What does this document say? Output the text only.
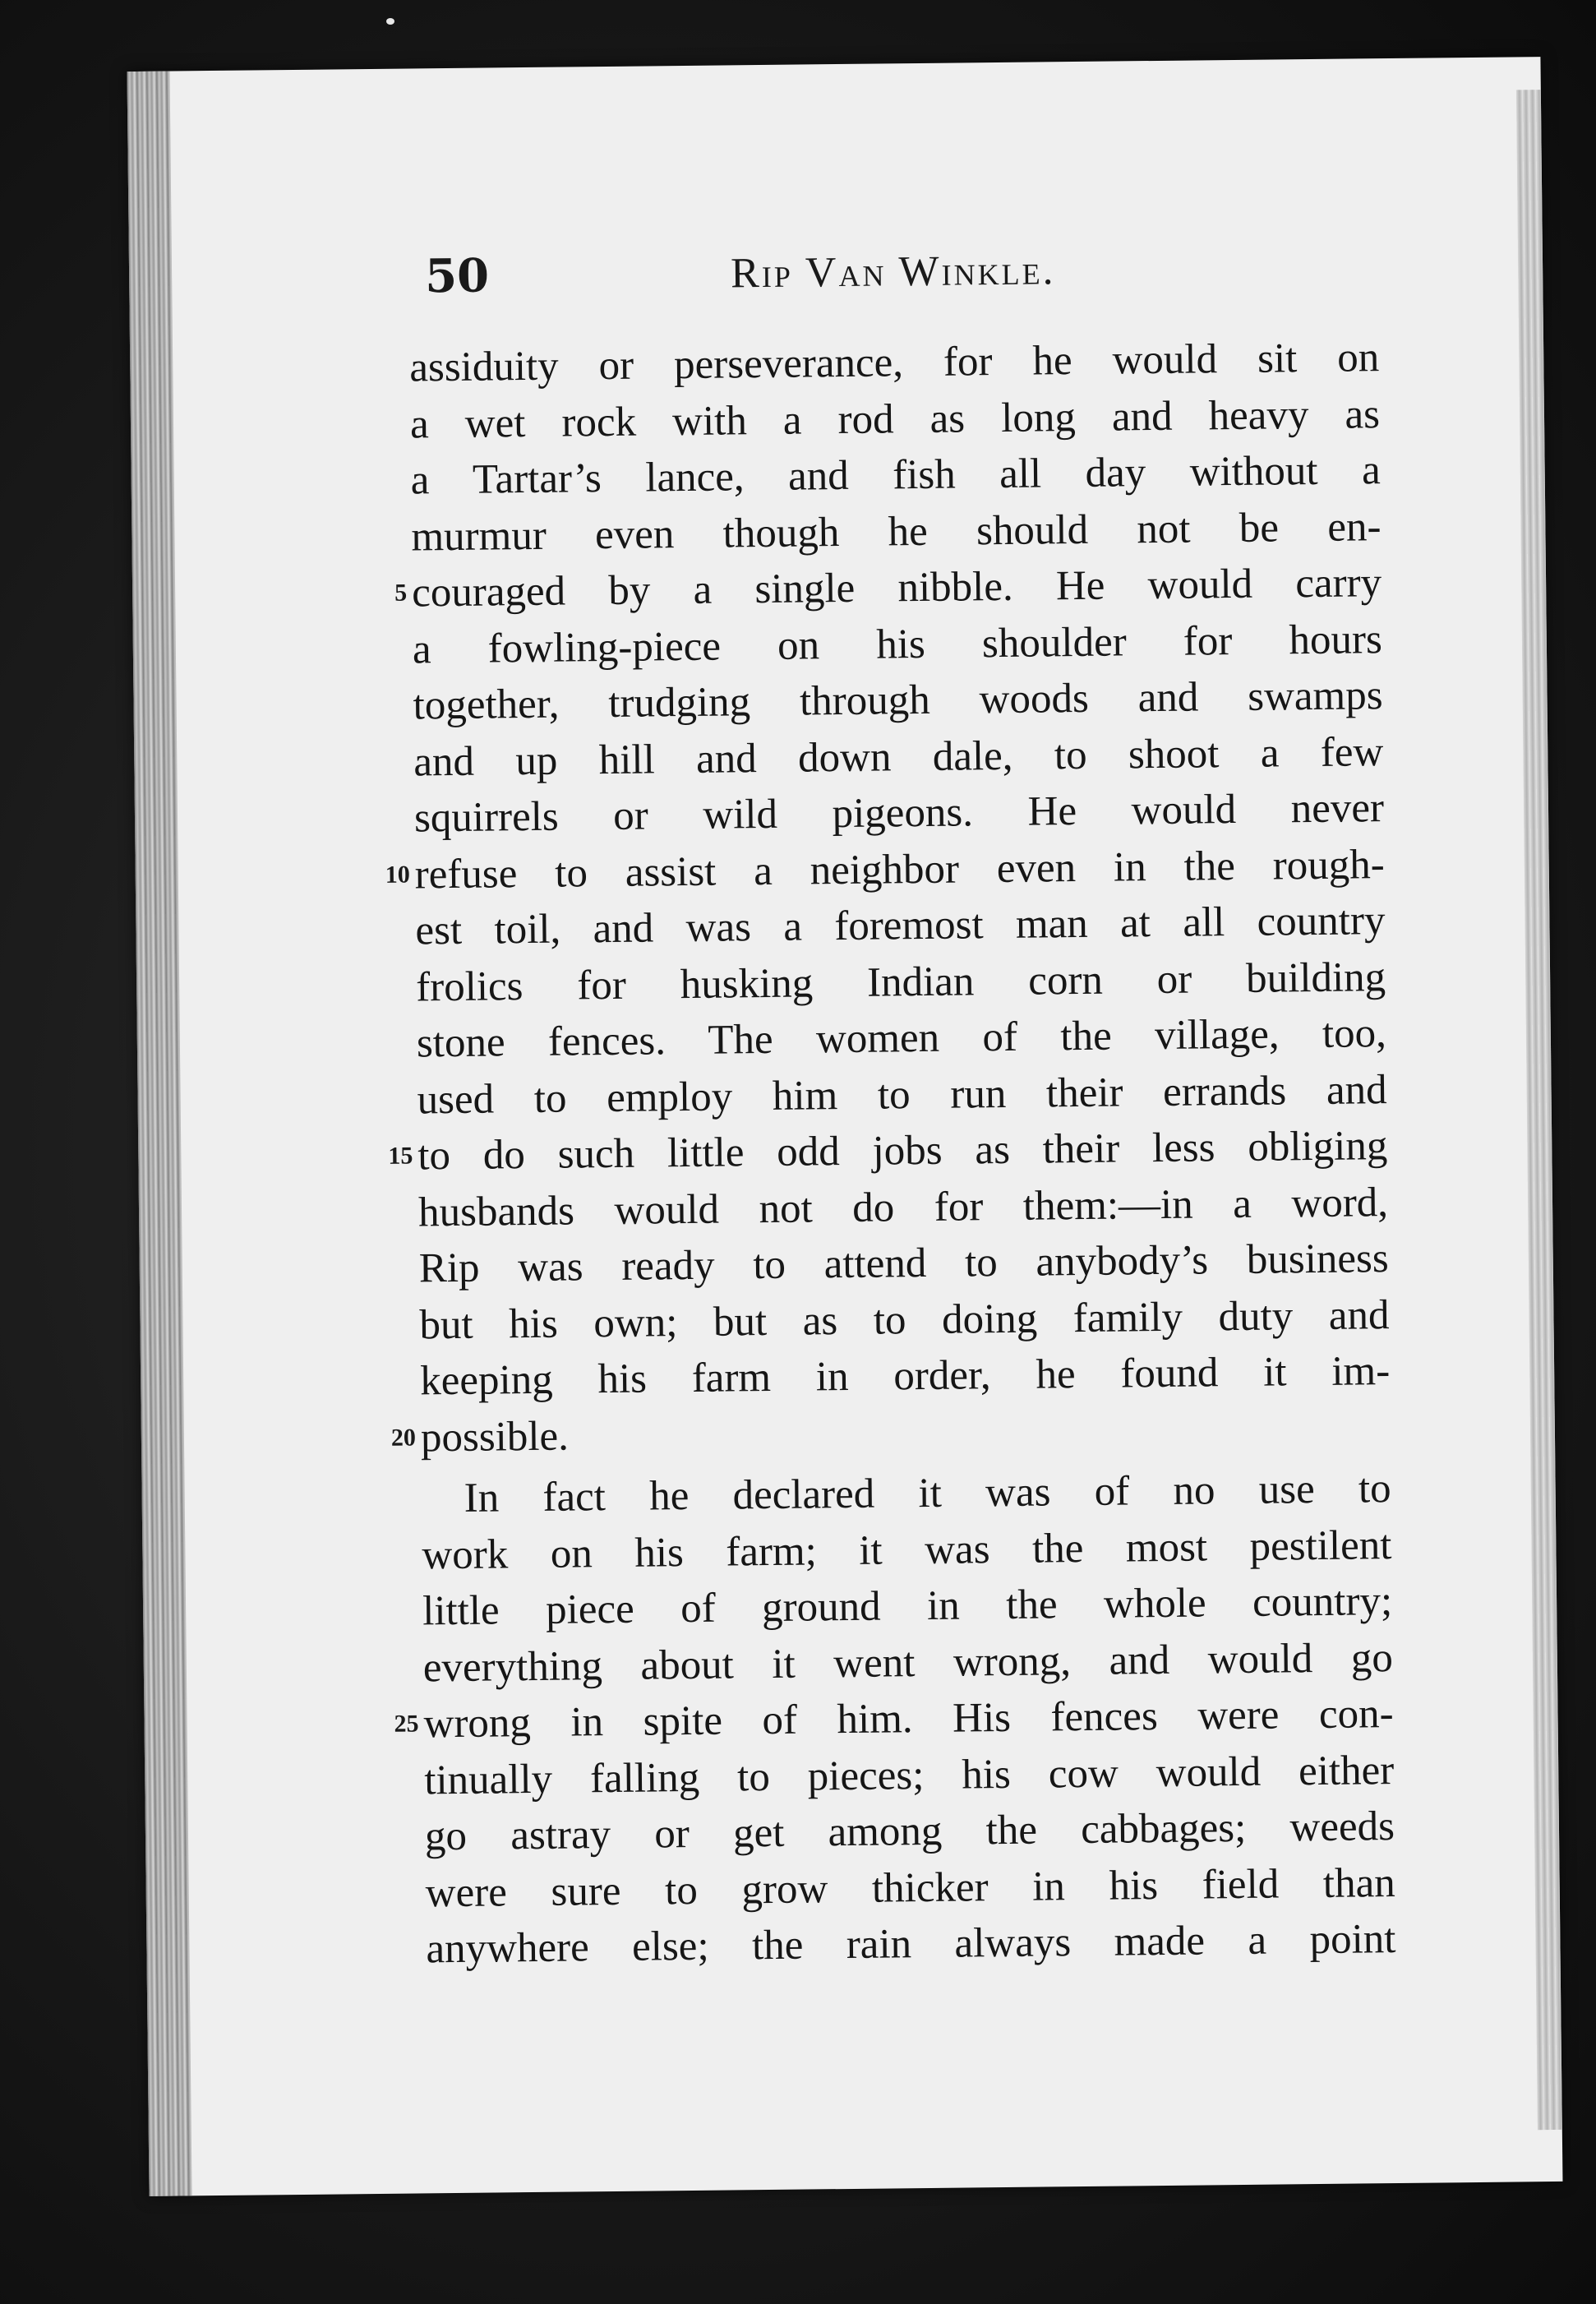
50	Rip Van Winkle.
assiduity or perseverance, for he would sit on
a wet rock with a rod as long and heavy as
a Tartar’s lance, and fish all day without a
murmur even though he should not be en-
5 couraged by a single nibble. He would carry
a fowling-piece on his shoulder for hours
together, trudging through woods and swamps
and up hill and down dale, to shoot a few
squirrels or wild pigeons. He would never
10 refuse to assist a neighbor even in the rough-
est toil, and was a foremost man at all country
frolics for husking Indian corn or building
stone fences. The women of the village, too,
used to employ him to run their errands and
15 to do such little odd jobs as their less obliging
husbands would not do for them:—in a word,
Rip was ready to attend to anybody’s business
but his own; but as to doing family duty and
keeping his farm in order, he found it im-
20 possible.
In fact he declared it was of no use to
work on his farm; it was the most pestilent
little piece of ground in the whole country;
everything about it went wrong, and would go
25 wrong in spite of him. His fences were con-
tinually falling to pieces; his cow would either
go astray or get among the cabbages; weeds
were sure to grow thicker in his field than
anywhere else; the rain always made a point
